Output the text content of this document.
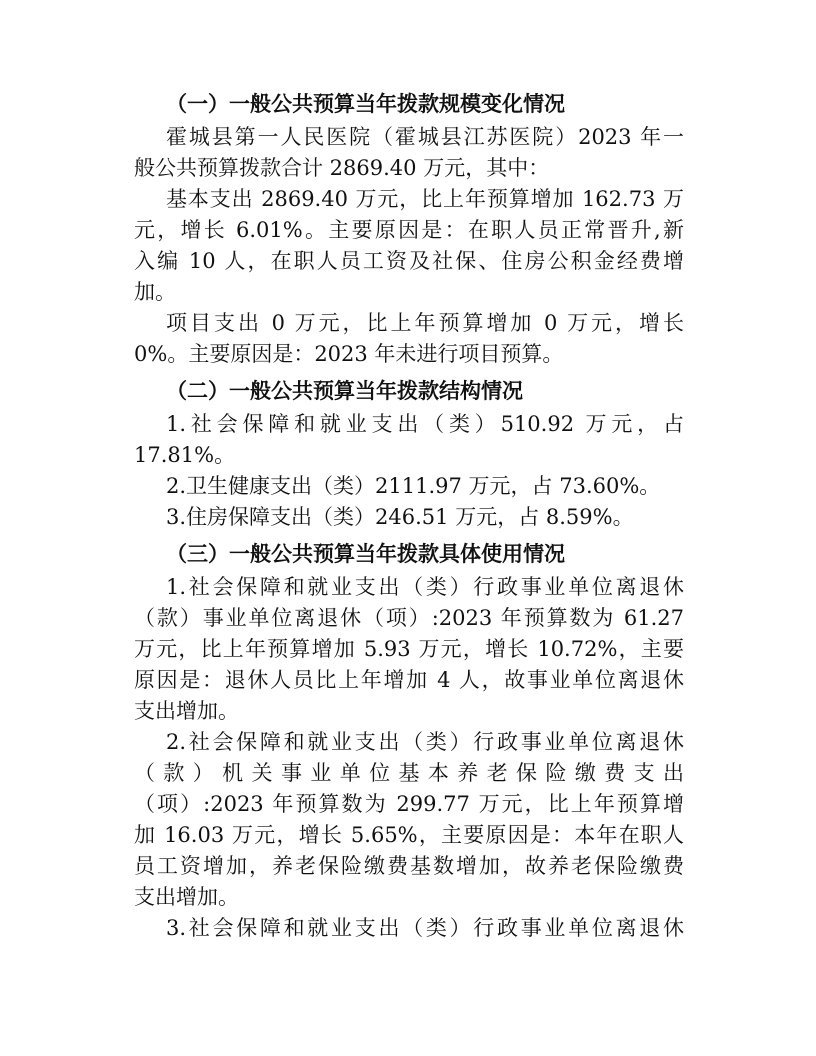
（一）一般公共预算当年拨款规模变化情况
霍城县第一人民医院（霍城县江苏医院）2023 年一
般公共预算拨款合计 2869.40 万元，其中：
基本支出 2869.40 万元，比上年预算增加 162.73 万
元，增长 6.01%。主要原因是：在职人员正常晋升,新
入编 10 人，在职人员工资及社保、住房公积金经费增
加。
项目支出 0 万元，比上年预算增加 0 万元，增长
0%。主要原因是：2023 年未进行项目预算。
（二）一般公共预算当年拨款结构情况
1.社会保障和就业支出（类）510.92 万元，占
17.81%。
2.卫生健康支出（类）2111.97 万元，占 73.60%。
3.住房保障支出（类）246.51 万元，占 8.59%。
（三）一般公共预算当年拨款具体使用情况
1.社会保障和就业支出（类）行政事业单位离退休
（款）事业单位离退休（项）:2023 年预算数为 61.27
万元，比上年预算增加 5.93 万元，增长 10.72%，主要
原因是：退休人员比上年增加 4 人，故事业单位离退休
支出增加。
2.社会保障和就业支出（类）行政事业单位离退休
（款）机关事业单位基本养老保险缴费支出
（项）:2023 年预算数为 299.77 万元，比上年预算增
加 16.03 万元，增长 5.65%，主要原因是：本年在职人
员工资增加，养老保险缴费基数增加，故养老保险缴费
支出增加。
3.社会保障和就业支出（类）行政事业单位离退休
